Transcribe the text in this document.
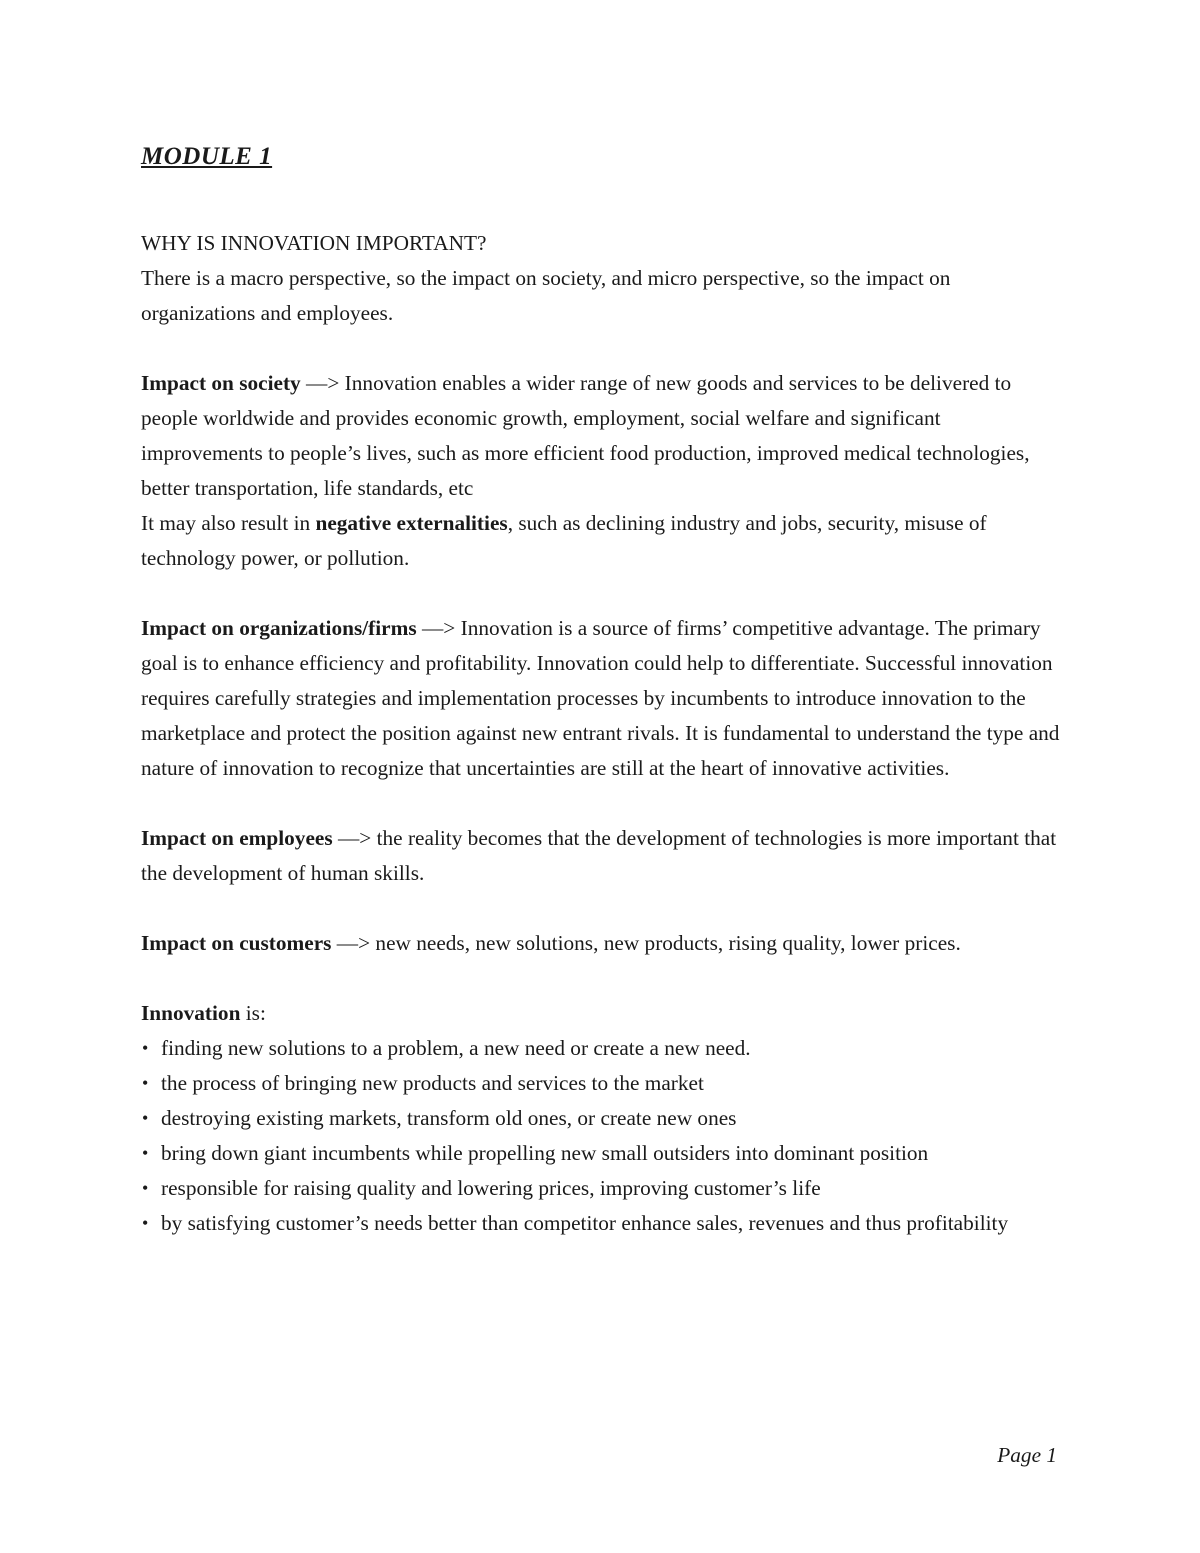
MODULE 1

WHY IS INNOVATION IMPORTANT?

There is a macro perspective, so the impact on society, and micro perspective, so the impact on organizations and employees.

Impact on society —> Innovation enables a wider range of new goods and services to be delivered to people worldwide and provides economic growth, employment, social welfare and significant improvements to people’s lives, such as more efficient food production, improved medical technologies, better transportation, life standards, etc

It may also result in negative externalities, such as declining industry and jobs, security, misuse of technology power, or pollution.

Impact on organizations/firms —> Innovation is a source of firms’ competitive advantage. The primary goal is to enhance efficiency and profitability. Innovation could help to differentiate. Successful innovation requires carefully strategies and implementation processes by incumbents to introduce innovation to the marketplace and protect the position against new entrant rivals. It is fundamental to understand the type and nature of innovation to recognize that uncertainties are still at the heart of innovative activities.

Impact on employees —> the reality becomes that the development of technologies is more important that the development of human skills.

Impact on customers —> new needs, new solutions, new products, rising quality, lower prices.

Innovation is:

• finding new solutions to a problem, a new need or create a new need.
• the process of bringing new products and services to the market
• destroying existing markets, transform old ones, or create new ones
• bring down giant incumbents while propelling new small outsiders into dominant position
• responsible for raising quality and lowering prices, improving customer’s life
• by satisfying customer’s needs better than competitor enhance sales, revenues and thus profitability
Page 1
